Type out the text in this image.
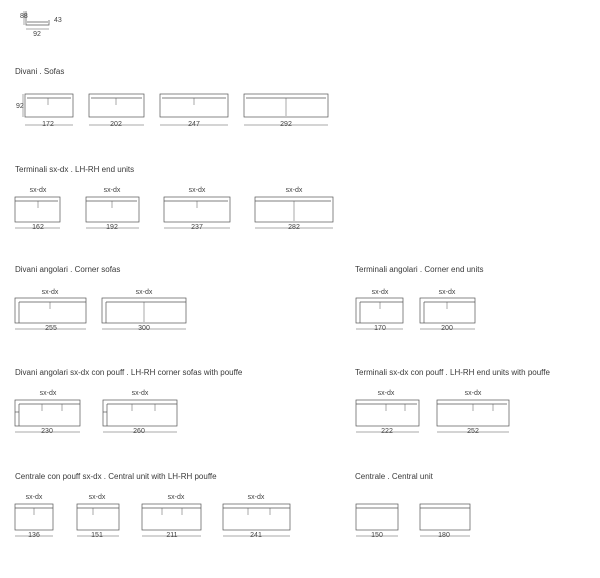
Divani . Sofas
Terminali sx-dx . LH-RH end units
Divani angolari . Corner sofas	Terminali angolari . Corner end units
Divani angolari sx-dx con pouff . LH-RH corner sofas with pouffe	Terminali sx-dx con pouff . LH-RH end units with pouffe
Centrale con pouff sx-dx . Central unit with LH-RH pouffe	Centrale . Central unit
88
43
92
92
172	202	247	292
sx-dx	sx-dx	sx-dx	sx-dx
162	192	237	282
sx-dx	sx-dx
255	300
sx-dx	sx-dx
170	200
sx-dx	sx-dx
230	260
sx-dx	sx-dx
222	252
sx-dx	sx-dx	sx-dx	sx-dx
136	151	211	241	150	180
